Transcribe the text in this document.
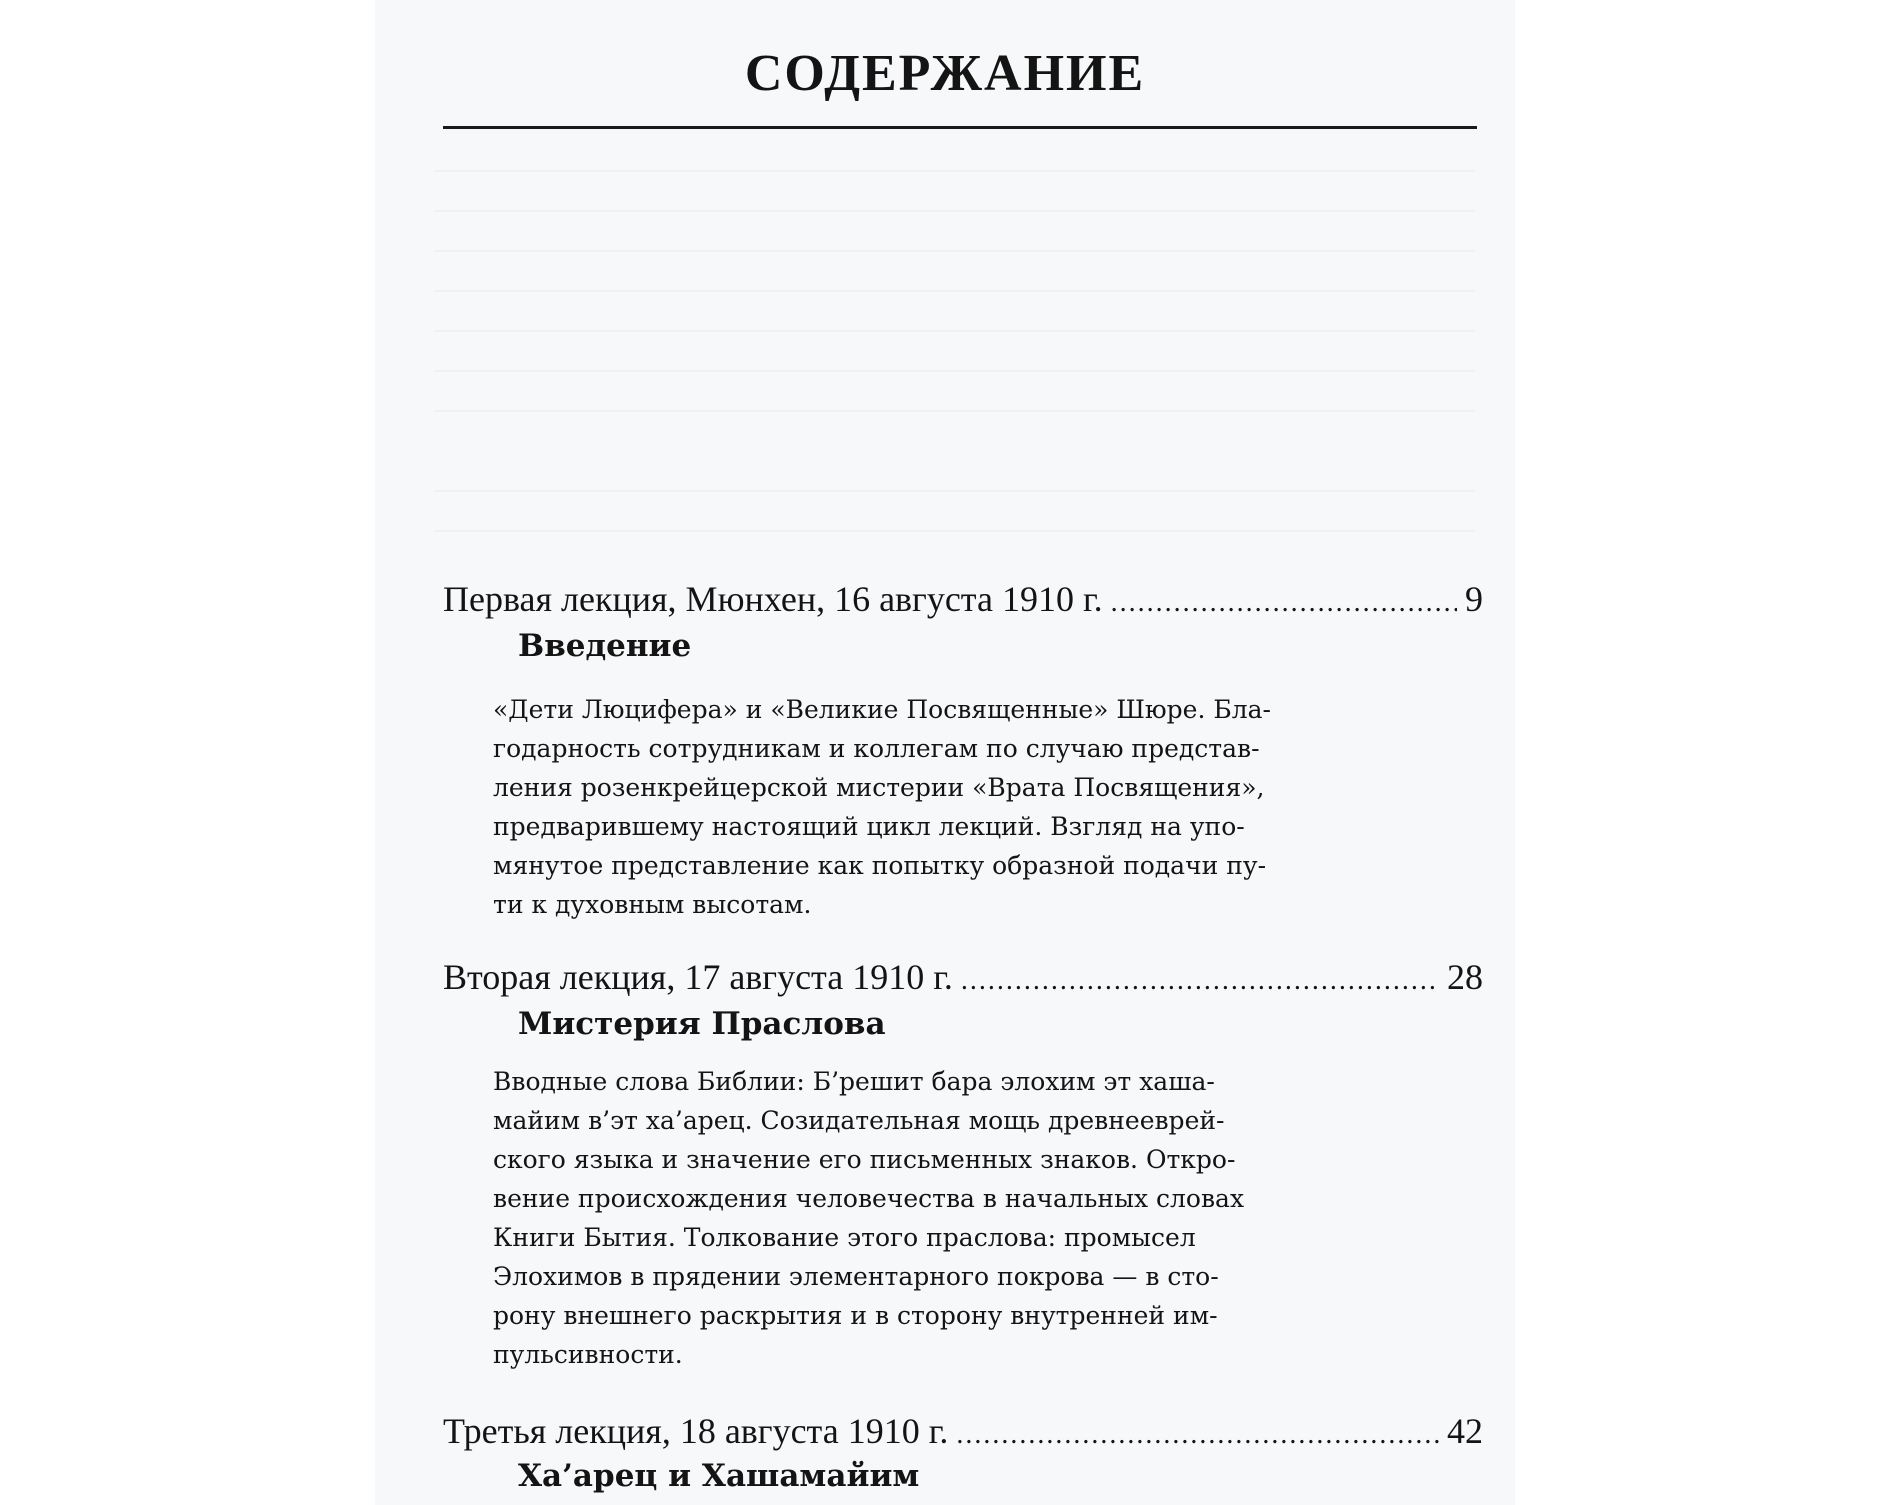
СОДЕРЖАНИЕ
Первая лекция, Мюнхен, 16 августа 1910 г. .....	9
Введение

«Дети Люцифера» и «Великие Посвященные» Шюре. Бла-

годарность сотрудникам и коллегам по случаю представ-

ления розенкрейцерской мистерии «Врата Посвящения»,

предварившему настоящий цикл лекций. Взгляд на упо-

мянутое представление как попытку образной подачи пу-

ти к духовным высотам.

Вторая лекция, 17 августа 1910 г. .....	28
Мистерия Праслова

Вводные слова Библии: Б’решит бара элохим эт хаша-

майим в’эт ха’арец. Созидательная мощь древнееврей-

ского языка и значение его письменных знаков. Откро-

вение происхождения человечества в начальных словах

Книги Бытия. Толкование этого праслова: промысел

Элохимов в прядении элементарного покрова — в сто-

рону внешнего раскрытия и в сторону внутренней им-

пульсивности.

Третья лекция, 18 августа 1910 г. .....	42
Ха’арец и Хашамайим
